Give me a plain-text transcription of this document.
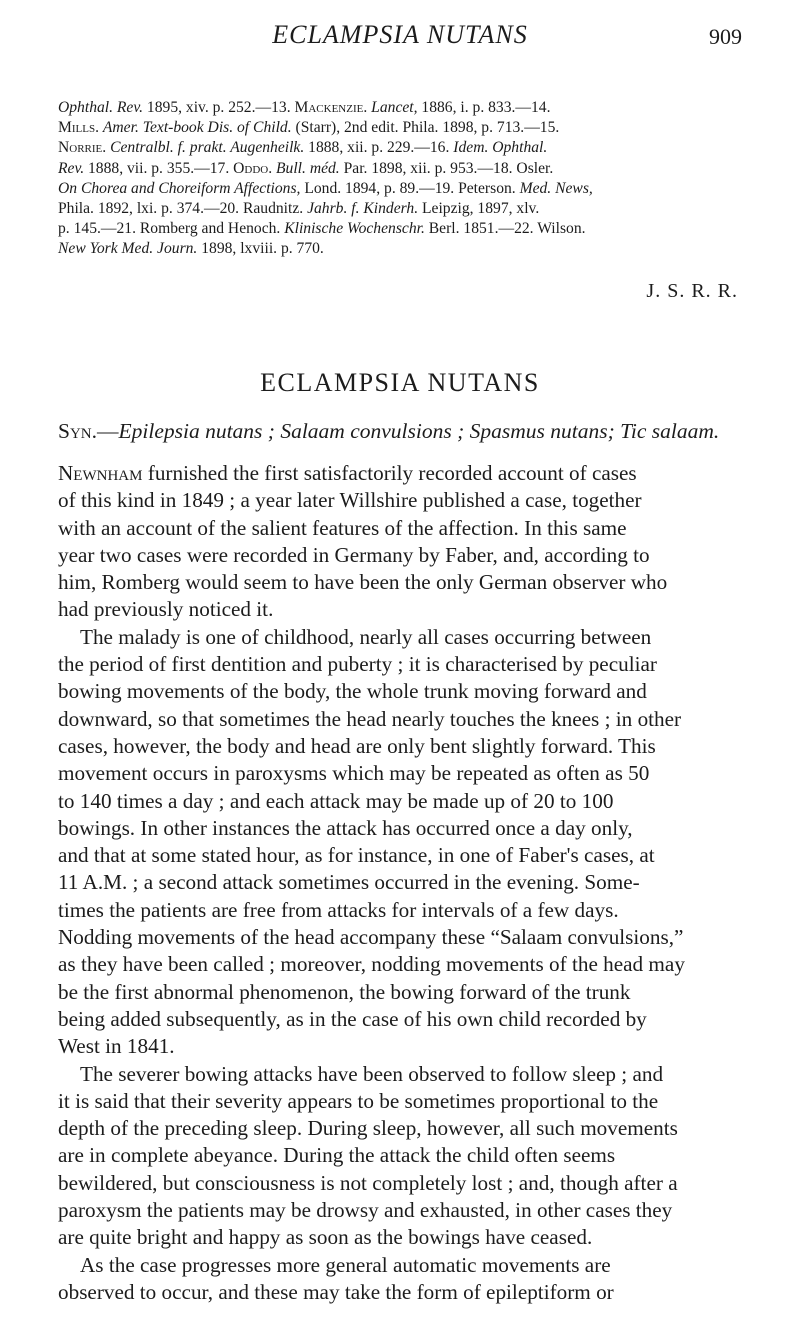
ECLAMPSIA NUTANS	909
Ophthal. Rev. 1895, xiv. p. 252.—13. Mackenzie. Lancet, 1886, i. p. 833.—14.
Mills. Amer. Text-book Dis. of Child. (Starr), 2nd edit. Phila. 1898, p. 713.—15.
Norrie. Centralbl. f. prakt. Augenheilk. 1888, xii. p. 229.—16. Idem. Ophthal.
Rev. 1888, vii. p. 355.—17. Oddo. Bull. méd. Par. 1898, xii. p. 953.—18. Osler.
On Chorea and Choreiform Affections, Lond. 1894, p. 89.—19. Peterson. Med. News,
Phila. 1892, lxi. p. 374.—20. Raudnitz. Jahrb. f. Kinderh. Leipzig, 1897, xlv.
p. 145.—21. Romberg and Henoch. Klinische Wochenschr. Berl. 1851.—22. Wilson.
New York Med. Journ. 1898, lxviii. p. 770.
J. S. R. R.
ECLAMPSIA NUTANS
Syn.—Epilepsia nutans ; Salaam convulsions ; Spasmus nutans; Tic salaam.
Newnham furnished the first satisfactorily recorded account of cases
of this kind in 1849 ; a year later Willshire published a case, together
with an account of the salient features of the affection. In this same
year two cases were recorded in Germany by Faber, and, according to
him, Romberg would seem to have been the only German observer who
had previously noticed it.
The malady is one of childhood, nearly all cases occurring between
the period of first dentition and puberty ; it is characterised by peculiar
bowing movements of the body, the whole trunk moving forward and
downward, so that sometimes the head nearly touches the knees ; in other
cases, however, the body and head are only bent slightly forward. This
movement occurs in paroxysms which may be repeated as often as 50
to 140 times a day ; and each attack may be made up of 20 to 100
bowings. In other instances the attack has occurred once a day only,
and that at some stated hour, as for instance, in one of Faber's cases, at
11 A.M. ; a second attack sometimes occurred in the evening. Some-
times the patients are free from attacks for intervals of a few days.
Nodding movements of the head accompany these “Salaam convulsions,”
as they have been called ; moreover, nodding movements of the head may
be the first abnormal phenomenon, the bowing forward of the trunk
being added subsequently, as in the case of his own child recorded by
West in 1841.
The severer bowing attacks have been observed to follow sleep ; and
it is said that their severity appears to be sometimes proportional to the
depth of the preceding sleep. During sleep, however, all such movements
are in complete abeyance. During the attack the child often seems
bewildered, but consciousness is not completely lost ; and, though after a
paroxysm the patients may be drowsy and exhausted, in other cases they
are quite bright and happy as soon as the bowings have ceased.
As the case progresses more general automatic movements are
observed to occur, and these may take the form of epileptiform or
